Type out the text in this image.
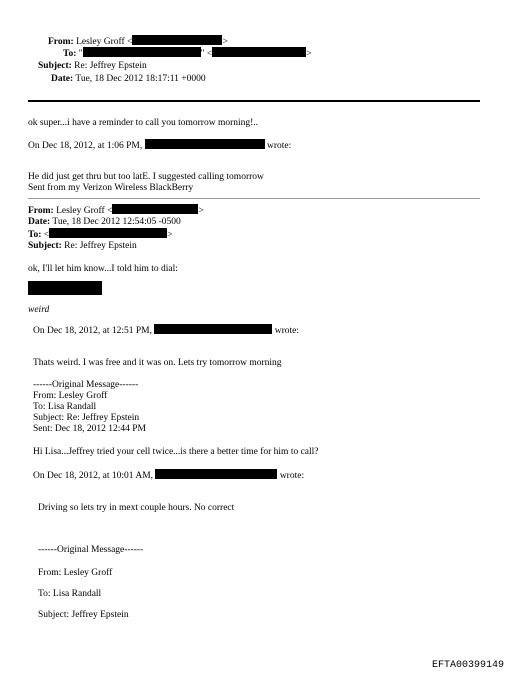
From: Lesley Groff <	>
To: "	" <	>
Subject: Re: Jeffrey Epstein
Date: Tue, 18 Dec 2012 18:17:11 +0000
ok super...i have a reminder to call you tomorrow morning!..
On Dec 18, 2012, at 1:06 PM,	wrote:
He did just get thru but too latE. I suggested calling tomorrow
Sent from my Verizon Wireless BlackBerry
From: Lesley Groff <	>
Date: Tue, 18 Dec 2012 12:54:05 -0500
To: <	>
Subject: Re: Jeffrey Epstein
ok, I'll let him know...I told him to dial:
weird
On Dec 18, 2012, at 12:51 PM,	wrote:
Thats weird. I was free and it was on. Lets try tomorrow morning
------Original Message------
From: Lesley Groff
To: Lisa Randall
Subject: Re: Jeffrey Epstein
Sent: Dec 18, 2012 12:44 PM
Hi Lisa...Jeffrey tried your cell twice...is there a better time for him to call?
On Dec 18, 2012, at 10:01 AM,	wrote:
Driving so lets try in mext couple hours. No correct
------Original Message------
From: Lesley Groff
To: Lisa Randall
Subject: Jeffrey Epstein
EFTA00399149
